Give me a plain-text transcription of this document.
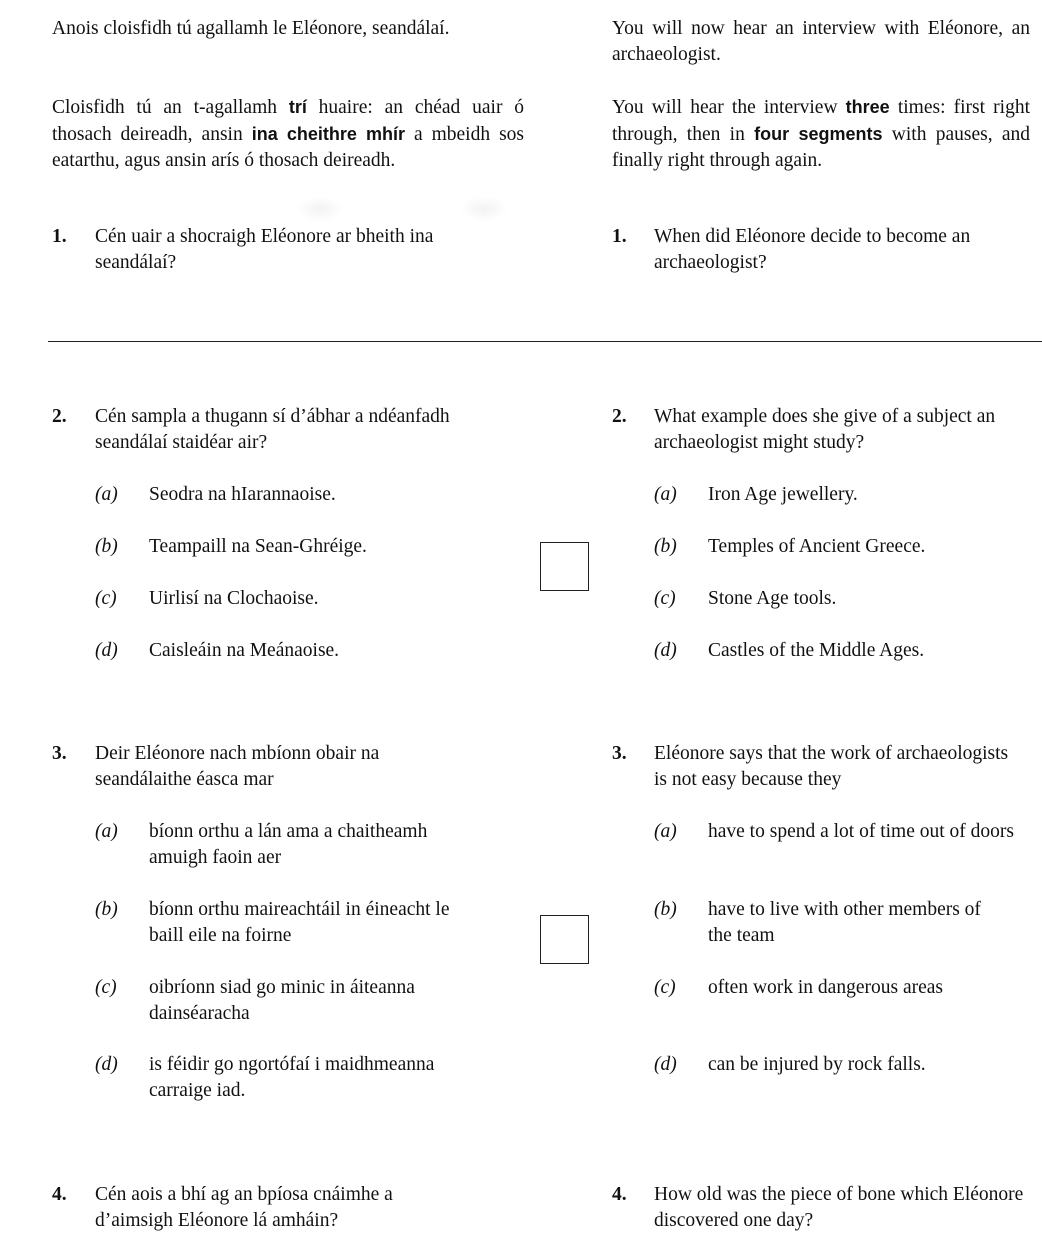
Anois cloisfidh tú agallamh le Eléonore, seandálaí.	You will now hear an interview with Eléonore, an archaeologist.
Cloisfidh tú an t-agallamh trí huaire: an chéad uair ó thosach deireadh, ansin ina cheithre mhír a mbeidh sos eatarthu, agus ansin arís ó thosach deireadh.
You will hear the interview three times: first right through, then in four segments with pauses, and finally right through again.
1. Cén uair a shocraigh Eléonore ar bheith ina seandálaí?
1. When did Eléonore decide to become an archaeologist?
2. Cén sampla a thugann sí d’ábhar a ndéanfadh seandálaí staidéar air?
2. What example does she give of a subject an archaeologist might study?
(a) Seodra na hIarannaoise.	(a) Iron Age jewellery.
(b) Teampaill na Sean-Ghréige.	(b) Temples of Ancient Greece.
(c) Uirlisí na Clochaoise.	(c) Stone Age tools.
(d) Caisleáin na Meánaoise.	(d) Castles of the Middle Ages.
3. Deir Eléonore nach mbíonn obair na seandálaithe éasca mar
3. Eléonore says that the work of archaeologists is not easy because they
(a) bíonn orthu a lán ama a chaitheamh amuigh faoin aer
(a) have to spend a lot of time out of doors
(b) bíonn orthu maireachtáil in éineacht le baill eile na foirne
(b) have to live with other members of the team
(c) oibríonn siad go minic in áiteanna dainséaracha
(c) often work in dangerous areas
(d) is féidir go ngortófaí i maidhmeanna carraige iad.
(d) can be injured by rock falls.
4. Cén aois a bhí ag an bpíosa cnáimhe a d’aimsigh Eléonore lá amháin?
4. How old was the piece of bone which Eléonore discovered one day?
